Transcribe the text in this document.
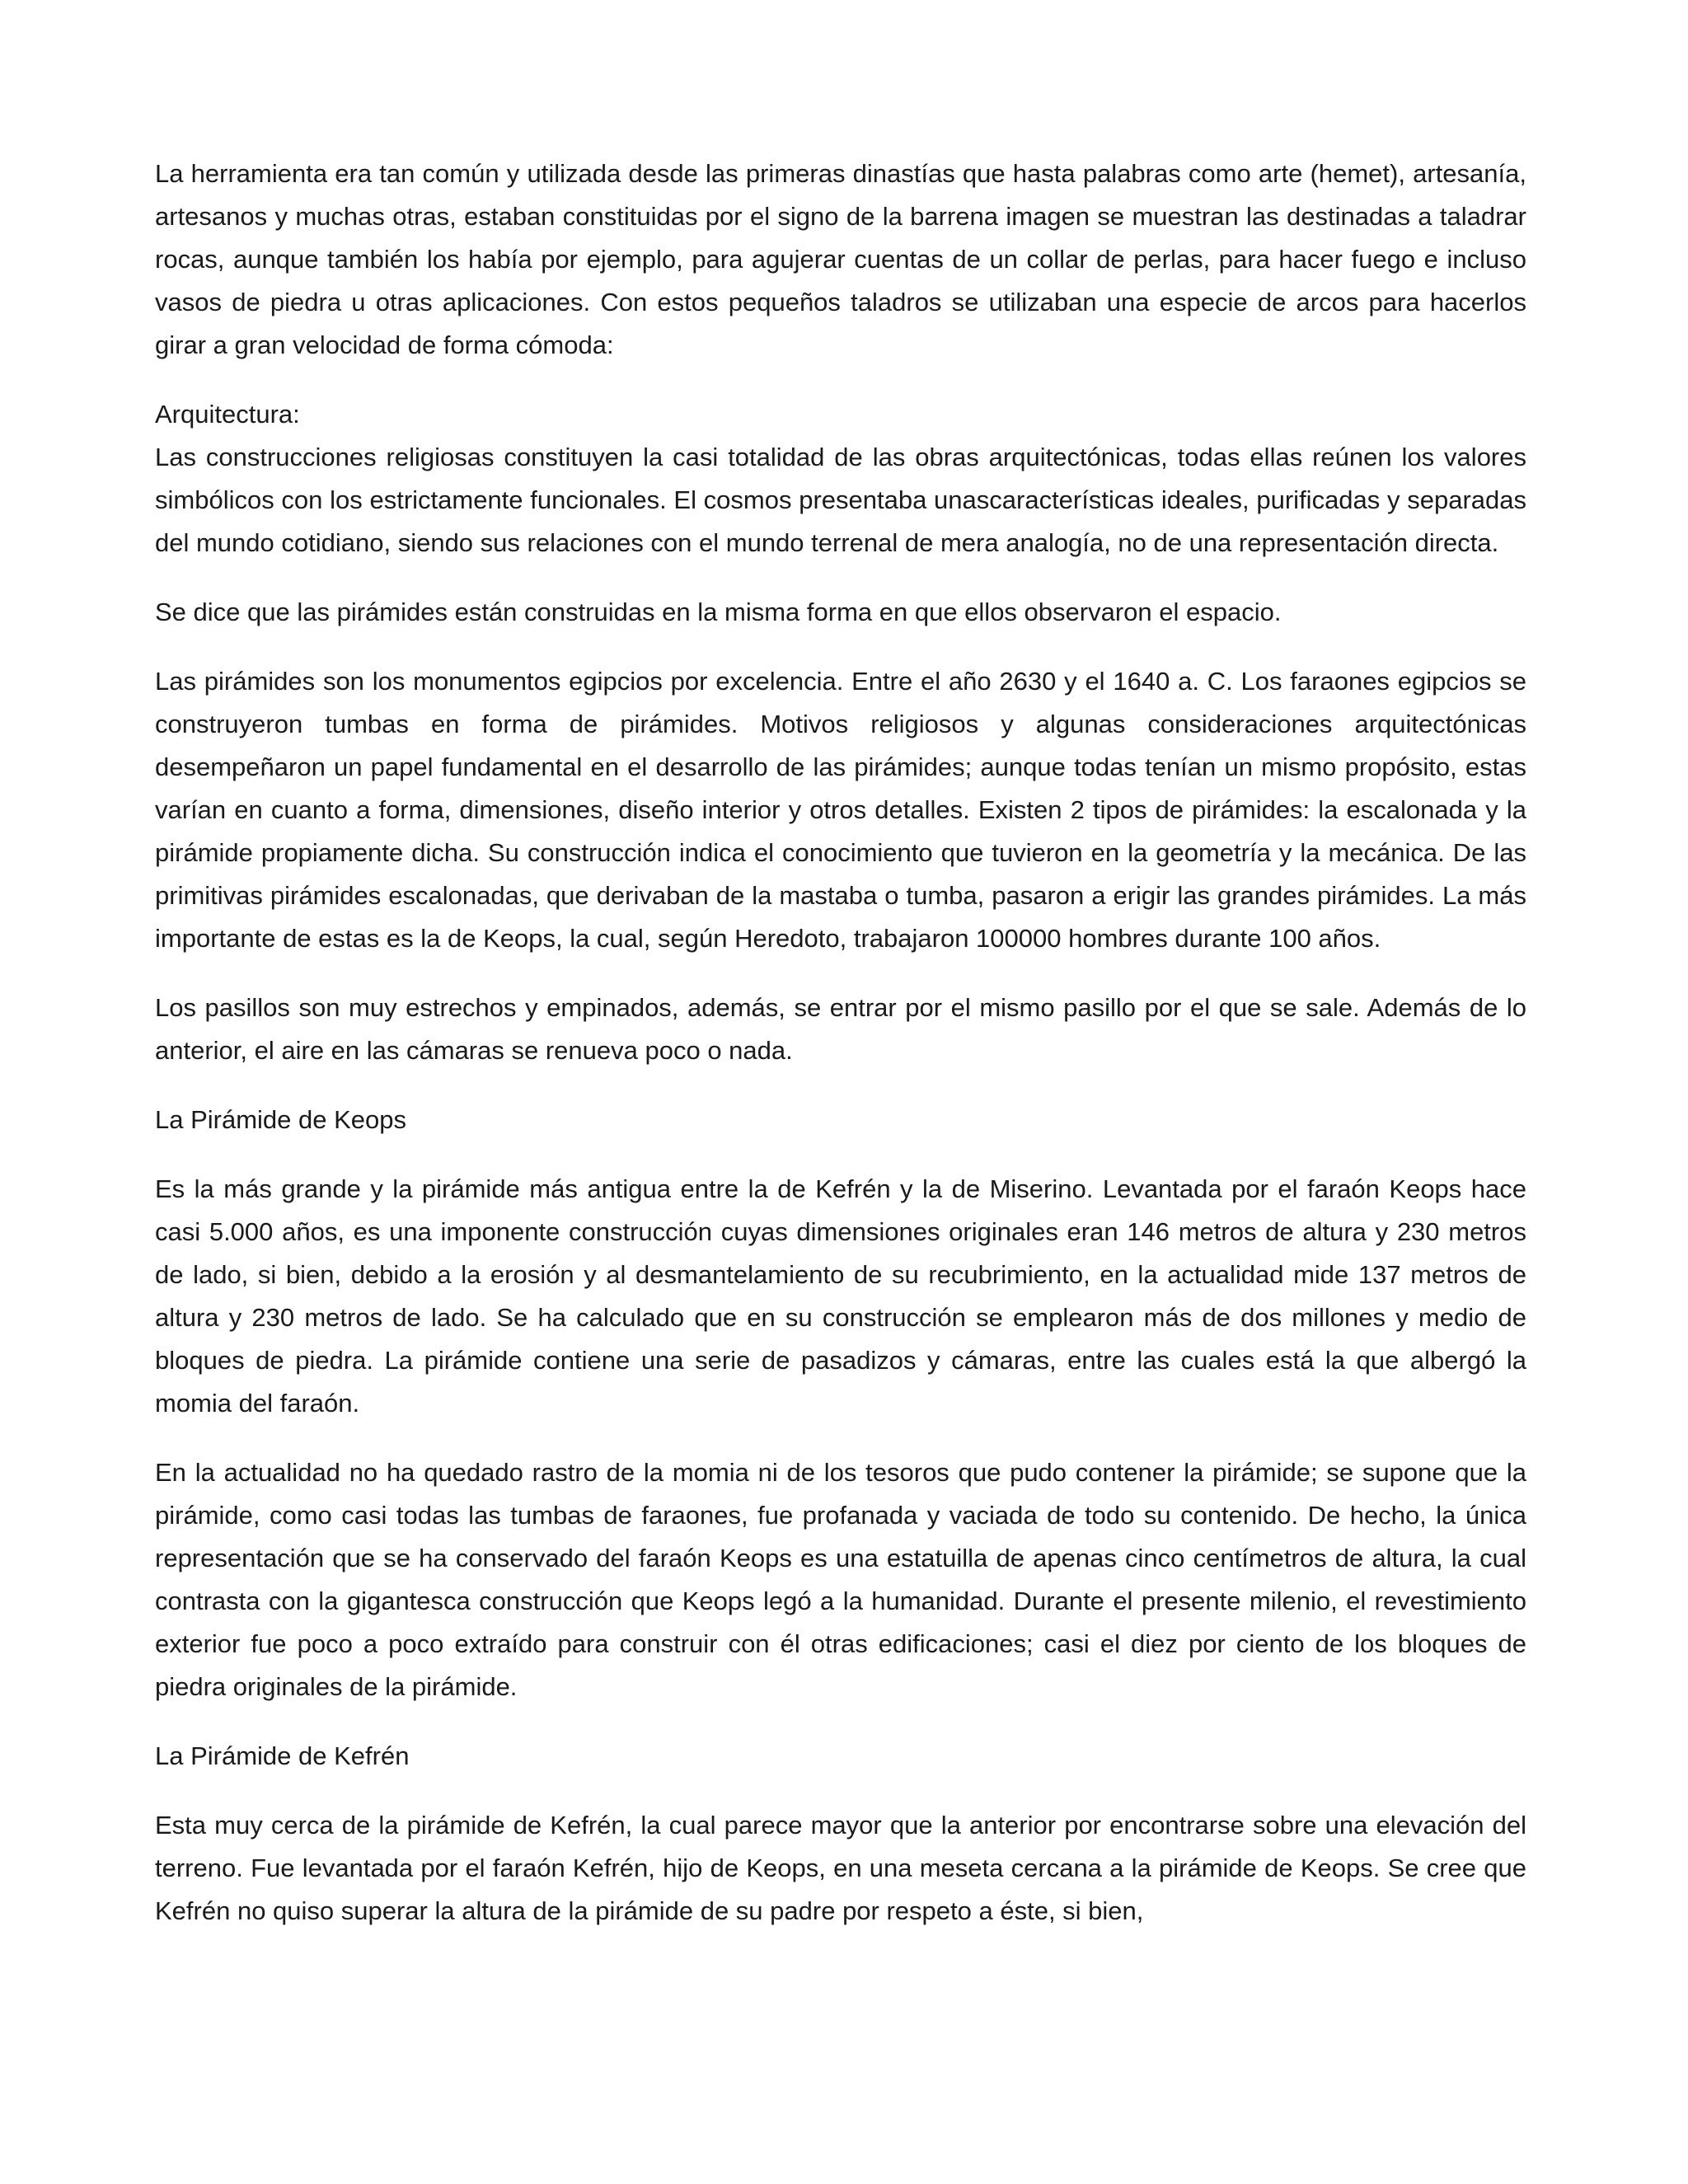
La herramienta era tan común y utilizada desde las primeras dinastías que hasta palabras como arte (hemet), artesanía, artesanos y muchas otras, estaban constituidas por el signo de la barrena imagen se muestran las destinadas a taladrar rocas, aunque también los había por ejemplo, para agujerar cuentas de un collar de perlas, para hacer fuego e incluso vasos de piedra u otras aplicaciones. Con estos pequeños taladros se utilizaban una especie de arcos para hacerlos girar a gran velocidad de forma cómoda:

Arquitectura:

Las construcciones religiosas constituyen la casi totalidad de las obras arquitectónicas, todas ellas reúnen los valores simbólicos con los estrictamente funcionales. El cosmos presentaba unascaracterísticas ideales, purificadas y separadas del mundo cotidiano, siendo sus relaciones con el mundo terrenal de mera analogía, no de una representación directa.

Se dice que las pirámides están construidas en la misma forma en que ellos observaron el espacio.

Las pirámides son los monumentos egipcios por excelencia. Entre el año 2630 y el 1640 a. C. Los faraones egipcios se construyeron tumbas en forma de pirámides. Motivos religiosos y algunas consideraciones arquitectónicas desempeñaron un papel fundamental en el desarrollo de las pirámides; aunque todas tenían un mismo propósito, estas varían en cuanto a forma, dimensiones, diseño interior y otros detalles. Existen 2 tipos de pirámides: la escalonada y la pirámide propiamente dicha. Su construcción indica el conocimiento que tuvieron en la geometría y la mecánica. De las primitivas pirámides escalonadas, que derivaban de la mastaba o tumba, pasaron a erigir las grandes pirámides. La más importante de estas es la de Keops, la cual, según Heredoto, trabajaron 100000 hombres durante 100 años.

Los pasillos son muy estrechos y empinados, además, se entrar por el mismo pasillo por el que se sale. Además de lo anterior, el aire en las cámaras se renueva poco o nada.

La Pirámide de Keops

Es la más grande y la pirámide más antigua entre la de Kefrén y la de Miserino. Levantada por el faraón Keops hace casi 5.000 años, es una imponente construcción cuyas dimensiones originales eran 146 metros de altura y 230 metros de lado, si bien, debido a la erosión y al desmantelamiento de su recubrimiento, en la actualidad mide 137 metros de altura y 230 metros de lado. Se ha calculado que en su construcción se emplearon más de dos millones y medio de bloques de piedra. La pirámide contiene una serie de pasadizos y cámaras, entre las cuales está la que albergó la momia del faraón.

En la actualidad no ha quedado rastro de la momia ni de los tesoros que pudo contener la pirámide; se supone que la pirámide, como casi todas las tumbas de faraones, fue profanada y vaciada de todo su contenido. De hecho, la única representación que se ha conservado del faraón Keops es una estatuilla de apenas cinco centímetros de altura, la cual contrasta con la gigantesca construcción que Keops legó a la humanidad. Durante el presente milenio, el revestimiento exterior fue poco a poco extraído para construir con él otras edificaciones; casi el diez por ciento de los bloques de piedra originales de la pirámide.

La Pirámide de Kefrén

Esta muy cerca de la pirámide de Kefrén, la cual parece mayor que la anterior por encontrarse sobre una elevación del terreno. Fue levantada por el faraón Kefrén, hijo de Keops, en una meseta cercana a la pirámide de Keops. Se cree que Kefrén no quiso superar la altura de la pirámide de su padre por respeto a éste, si bien,
